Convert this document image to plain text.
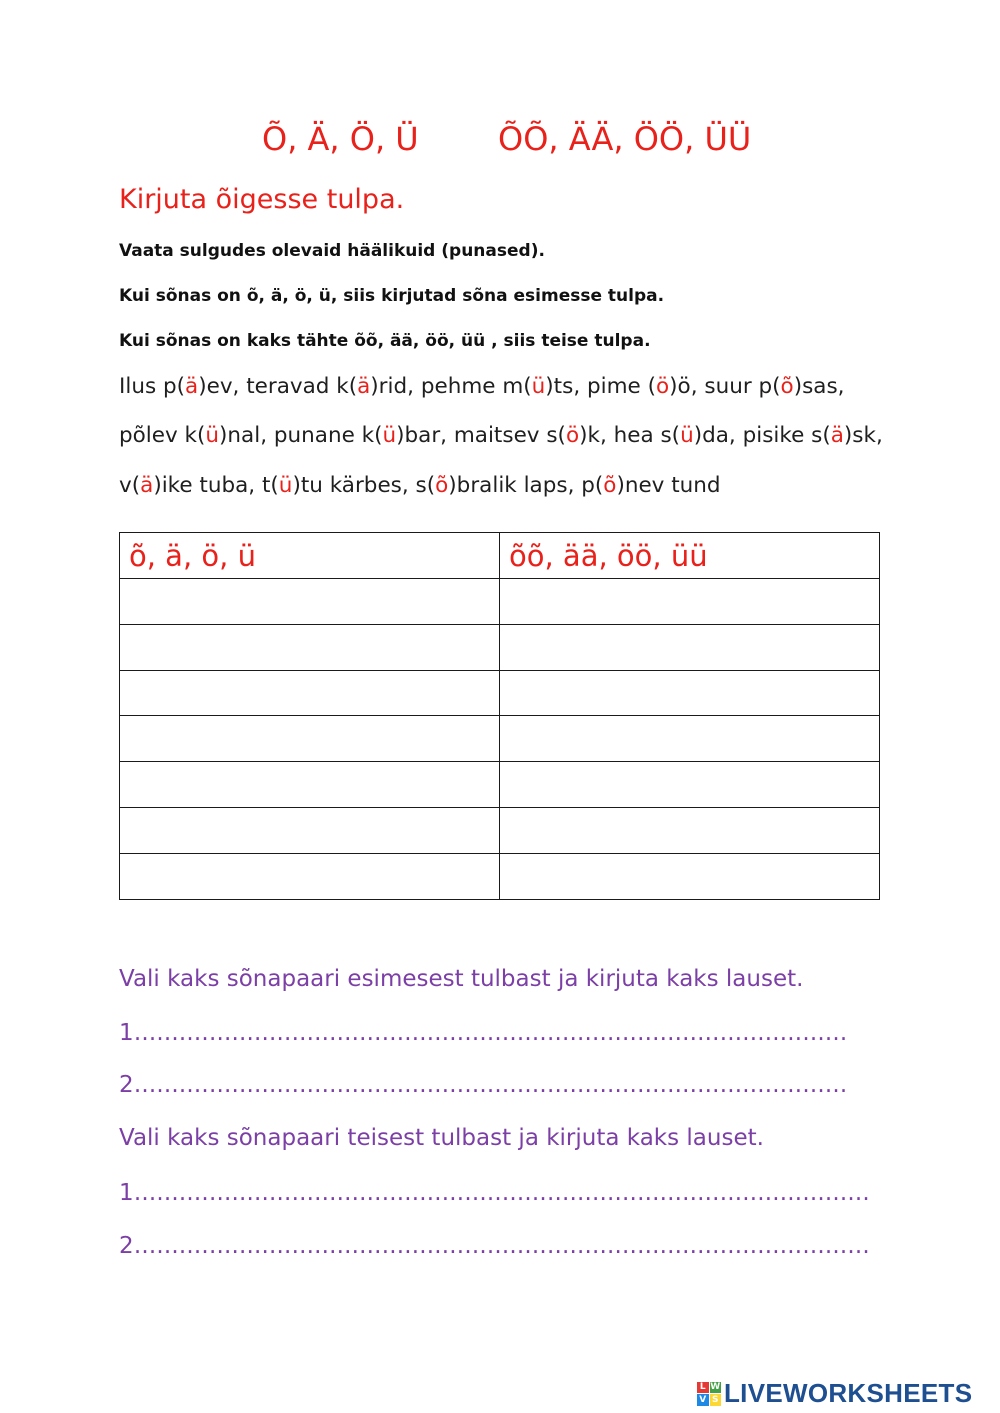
Õ, Ä, Ö, Ü ÕÕ, ÄÄ, ÖÖ, ÜÜ
Kirjuta õigesse tulpa.
Vaata sulgudes olevaid häälikuid (punased).
Kui sõnas on õ, ä, ö, ü, siis kirjutad sõna esimesse tulpa.
Kui sõnas on kaks tähte õõ, ää, öö, üü , siis teise tulpa.
Ilus p(ä)ev, teravad k(ä)rid, pehme m(ü)ts, pime (ö)ö, suur p(õ)sas,
põlev k(ü)nal, punane k(ü)bar, maitsev s(ö)k, hea s(ü)da, pisike s(ä)sk,
v(ä)ike tuba, t(ü)tu kärbes, s(õ)bralik laps, p(õ)nev tund
õ, ä, ö, ü	õõ, ää, öö, üü

Vali kaks sõnapaari esimesest tulbast ja kirjuta kaks lauset.
1...............................................................................................
2...............................................................................................
Vali kaks sõnapaari teisest tulbast ja kirjuta kaks lauset.
1..................................................................................................
2..................................................................................................
L W
V S LIVEWORKSHEETS
